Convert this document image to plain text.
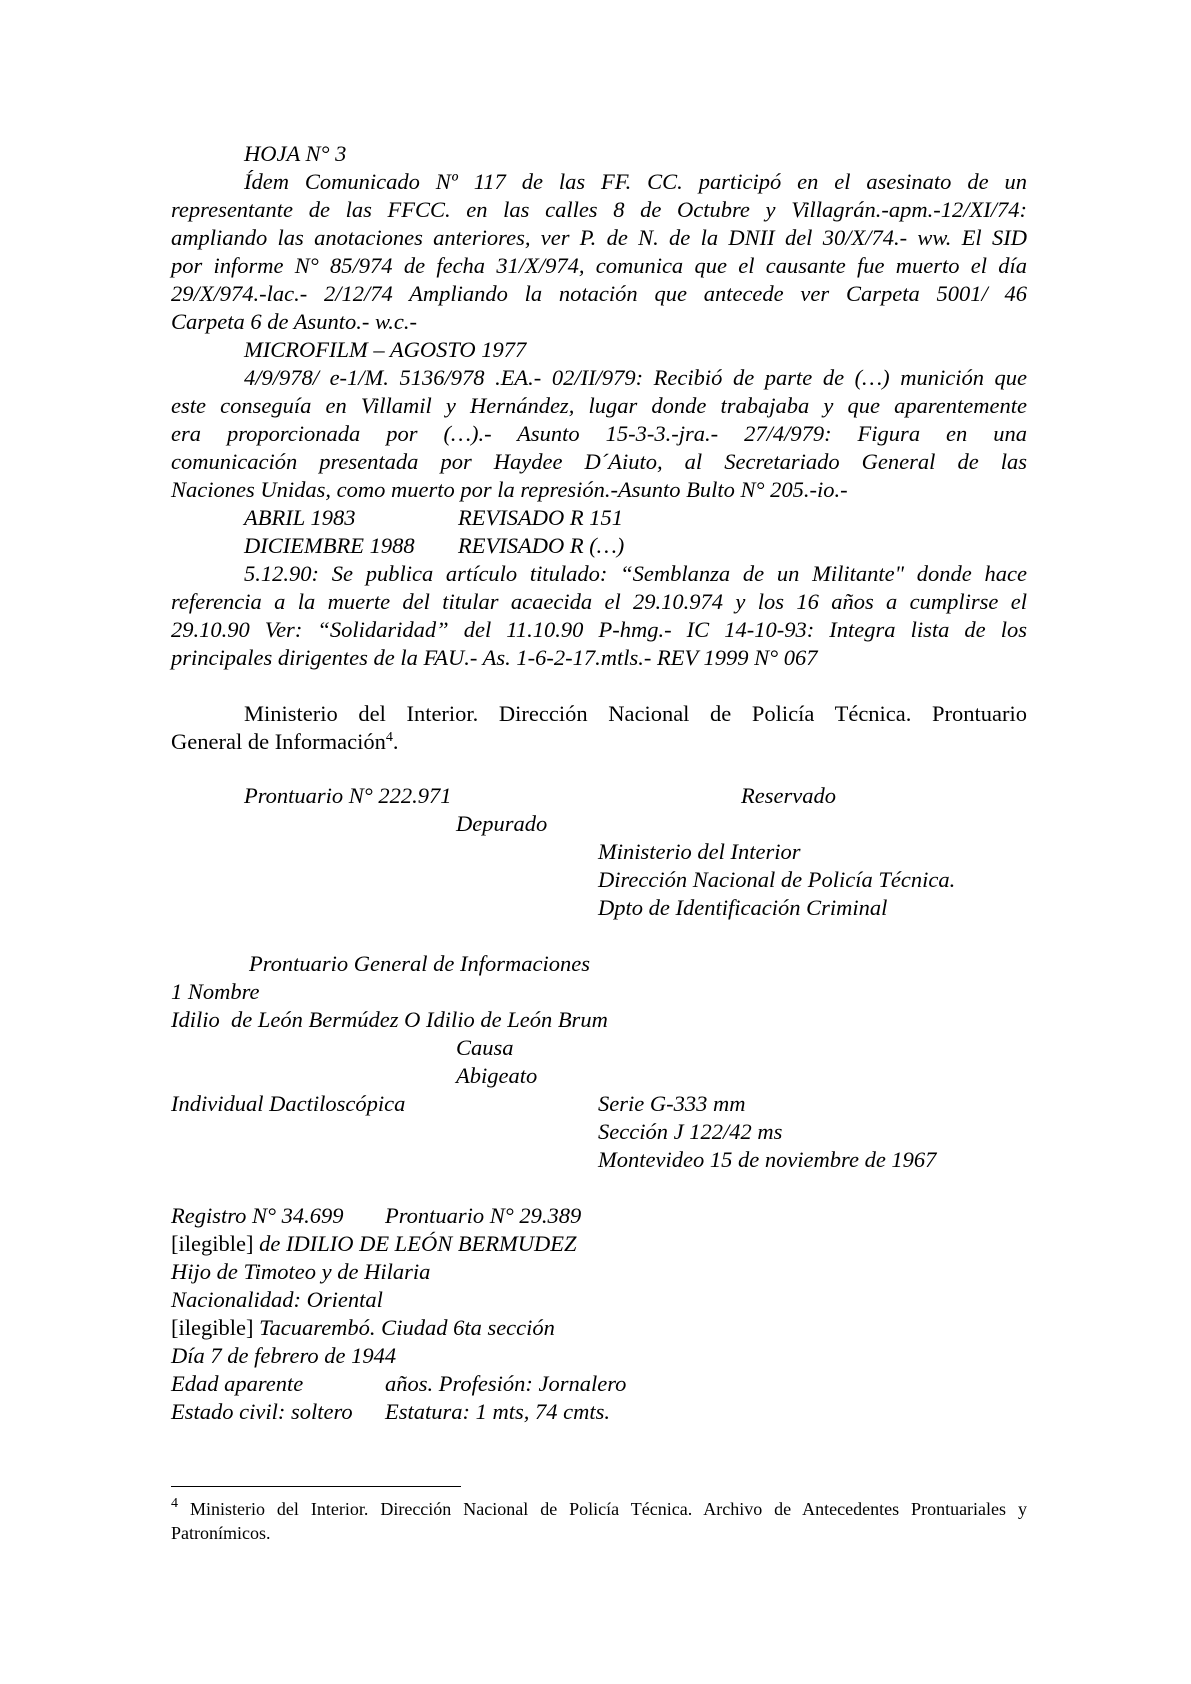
HOJA N° 3
Ídem Comunicado Nº 117 de las FF. CC. participó en el asesinato de un
representante de las FFCC. en las calles 8 de Octubre y Villagrán.-apm.-12/XI/74:
ampliando las anotaciones anteriores, ver P. de N. de la DNII del 30/X/74.- ww. El SID
por informe N° 85/974 de fecha 31/X/974, comunica que el causante fue muerto el día
29/X/974.-lac.- 2/12/74 Ampliando la notación que antecede ver Carpeta 5001/ 46
Carpeta 6 de Asunto.- w.c.-
MICROFILM – AGOSTO 1977
4/9/978/ e-1/M. 5136/978 .EA.- 02/II/979: Recibió de parte de (…) munición que
este conseguía en Villamil y Hernández, lugar donde trabajaba y que aparentemente
era proporcionada por (…).- Asunto 15-3-3.-jra.- 27/4/979: Figura en una
comunicación presentada por Haydee D´Aiuto, al Secretariado General de las
Naciones Unidas, como muerto por la represión.-Asunto Bulto N° 205.-io.-
ABRIL 1983	REVISADO R 151
DICIEMBRE 1988 REVISADO R (…)
5.12.90: Se publica artículo titulado: “Semblanza de un Militante" donde hace
referencia a la muerte del titular acaecida el 29.10.974 y los 16 años a cumplirse el
29.10.90 Ver: “Solidaridad” del 11.10.90 P-hmg.- IC 14-10-93: Integra lista de los
principales dirigentes de la FAU.- As. 1-6-2-17.mtls.- REV 1999 N° 067
Ministerio del Interior. Dirección Nacional de Policía Técnica. Prontuario
General de Información$^4$.
Prontuario N° 222.971	Reservado
Depurado
Ministerio del Interior
Dirección Nacional de Policía Técnica.
Dpto de Identificación Criminal
Prontuario General de Informaciones
1 Nombre
Idilio  de León Bermúdez O Idilio de León Brum
Causa
Abigeato
Individual Dactiloscópica	Serie G-333 mm
Sección J 122/42 ms
Montevideo 15 de noviembre de 1967
Registro N° 34.699 Prontuario N° 29.389
[ilegible] de IDILIO DE LEÓN BERMUDEZ
Hijo de Timoteo y de Hilaria
Nacionalidad: Oriental
[ilegible] Tacuarembó. Ciudad 6ta sección
Día 7 de febrero de 1944
Edad aparente	años. Profesión: Jornalero
Estado civil: soltero Estatura: 1 mts, 74 cmts.
$^4$ Ministerio del Interior. Dirección Nacional de Policía Técnica. Archivo de Antecedentes Prontuariales y Patronímicos.
